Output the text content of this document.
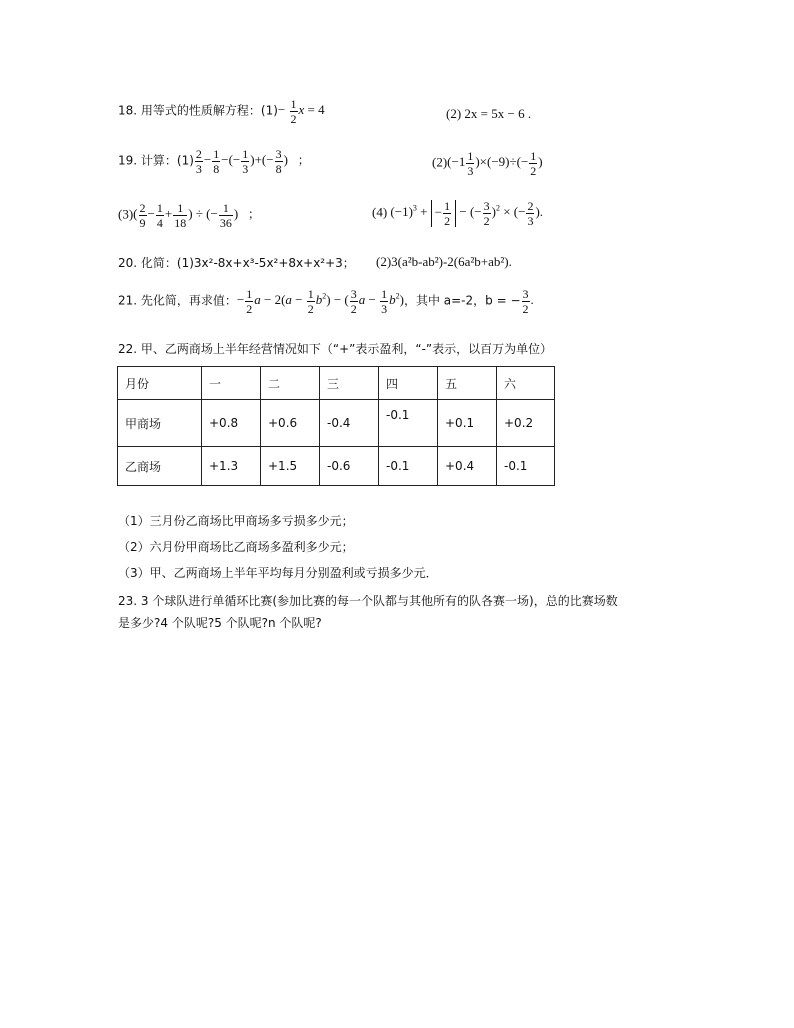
18. 用等式的性质解方程：$(1)- \frac{1}{2}$ x = 4	(2) 2x = 5x − 6 .
19. 计算：$(1) \frac{2}{3} - \frac{1}{8}$ −(− $\frac{1}{3}$ )+(− $\frac{3}{8}$ ) ；	$(2)(-1 \frac{1}{3} )\times(-9)\div(- \frac{1}{2}$ )
$(3)( \frac{2}{9} - \frac{1}{4} + \frac{1}{18}$ ) ÷ (− $\frac{1}{36}$ ) ；	(4) $(-1)^3$ + − $\frac{1}{2}$ − (− $\frac{3}{2} )^2$ × (− $\frac{2}{3}$ ).
20. 化简：(1)3x²-8x+x³-5x²+8x+x²+3； (2)3(a²b-ab²)-2(6a²b+ab²).
21. 先化简，再求值：− $\frac{1}{2}$ $a - 2(a - \frac{1}{2} b^2)$ − ( $\frac{3}{2}$ $a - \frac{1}{3} b^2$)，其中 a=-2，b = − $\frac{3}{2}$ .
22. 甲、乙两商场上半年经营情况如下（“+”表示盈利，“-”表示，以百万为单位）
月份	一	二	三	四	五	六
甲商场	+0.8	+0.6	-0.4	-0.1	+0.1	+0.2
乙商场	+1.3	+1.5	-0.6	-0.1	+0.4	-0.1
（1）三月份乙商场比甲商场多亏损多少元；
（2）六月份甲商场比乙商场多盈利多少元；
（3）甲、乙两商场上半年平均每月分别盈利或亏损多少元．
23. 3 个球队进行单循环比赛(参加比赛的每一个队都与其他所有的队各赛一场)，总的比赛场数
是多少?4 个队呢?5 个队呢?n 个队呢?
